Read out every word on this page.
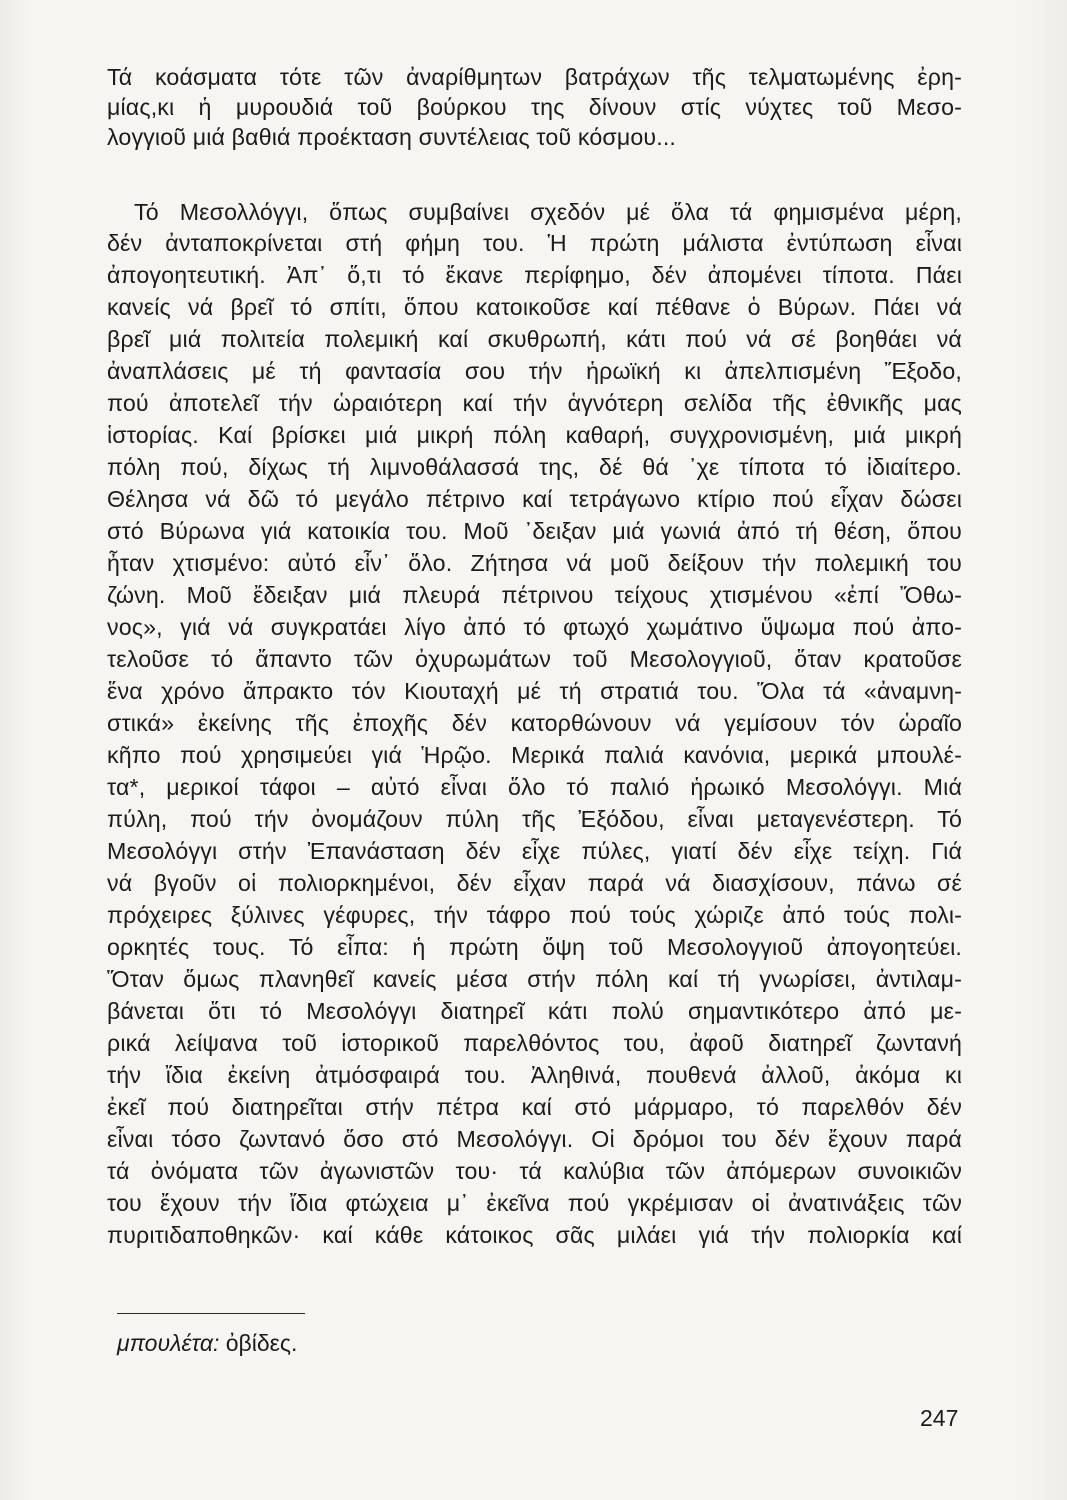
Τά κοάσματα τότε τῶν ἀναρίθμητων βατράχων τῆς τελματωμένης ἐρη-
μίας,κι ἡ μυρουδιά τοῦ βούρκου της δίνουν στίς νύχτες τοῦ Μεσο-
λογγιοῦ μιά βαθιά προέκταση συντέλειας τοῦ κόσμου...
Τό Μεσολλόγγι, ὅπως συμβαίνει σχεδόν μέ ὅλα τά φημισμένα μέρη,
δέν ἀνταποκρίνεται στή φήμη του. Ἡ πρώτη μάλιστα ἐντύπωση εἶναι
ἀπογοητευτική. Ἀπ᾽ ὅ,τι τό ἔκανε περίφημο, δέν ἀπομένει τίποτα. Πάει
κανείς νά βρεῖ τό σπίτι, ὅπου κατοικοῦσε καί πέθανε ὁ Βύρων. Πάει νά
βρεῖ μιά πολιτεία πολεμική καί σκυθρωπή, κάτι πού νά σέ βοηθάει νά
ἀναπλάσεις μέ τή φαντασία σου τήν ἡρωϊκή κι ἀπελπισμένη Ἔξοδο,
πού ἀποτελεῖ τήν ὡραιότερη καί τήν ἁγνότερη σελίδα τῆς ἐθνικῆς μας
ἱστορίας. Καί βρίσκει μιά μικρή πόλη καθαρή, συγχρονισμένη, μιά μικρή
πόλη πού, δίχως τή λιμνοθάλασσά της, δέ θά ᾽χε τίποτα τό ἰδιαίτερο.
Θέλησα νά δῶ τό μεγάλο πέτρινο καί τετράγωνο κτίριο πού εἶχαν δώσει
στό Βύρωνα γιά κατοικία του. Μοῦ ᾽δειξαν μιά γωνιά ἀπό τή θέση, ὅπου
ἦταν χτισμένο: αὐτό εἶν᾽ ὅλο. Ζήτησα νά μοῦ δείξουν τήν πολεμική του
ζώνη. Μοῦ ἔδειξαν μιά πλευρά πέτρινου τείχους χτισμένου «ἐπί Ὄθω-
νος», γιά νά συγκρατάει λίγο ἀπό τό φτωχό χωμάτινο ὕψωμα πού ἀπο-
τελοῦσε τό ἄπαντο τῶν ὀχυρωμάτων τοῦ Μεσολογγιοῦ, ὅταν κρατοῦσε
ἕνα χρόνο ἄπρακτο τόν Κιουταχή μέ τή στρατιά του. Ὅλα τά «ἀναμνη-
στικά» ἐκείνης τῆς ἐποχῆς δέν κατορθώνουν νά γεμίσουν τόν ὡραῖο
κῆπο πού χρησιμεύει γιά Ἡρῷο. Μερικά παλιά κανόνια, μερικά μπουλέ-
τα*, μερικοί τάφοι – αὐτό εἶναι ὅλο τό παλιό ἡρωικό Μεσολόγγι. Μιά
πύλη, πού τήν ὀνομάζουν πύλη τῆς Ἐξόδου, εἶναι μεταγενέστερη. Τό
Μεσολόγγι στήν Ἐπανάσταση δέν εἶχε πύλες, γιατί δέν εἶχε τείχη. Γιά
νά βγοῦν οἱ πολιορκημένοι, δέν εἶχαν παρά νά διασχίσουν, πάνω σέ
πρόχειρες ξύλινες γέφυρες, τήν τάφρο πού τούς χώριζε ἀπό τούς πολι-
ορκητές τους. Τό εἶπα: ἡ πρώτη ὄψη τοῦ Μεσολογγιοῦ ἀπογοητεύει.
Ὅταν ὅμως πλανηθεῖ κανείς μέσα στήν πόλη καί τή γνωρίσει, ἀντιλαμ-
βάνεται ὅτι τό Μεσολόγγι διατηρεῖ κάτι πολύ σημαντικότερο ἀπό με-
ρικά λείψανα τοῦ ἱστορικοῦ παρελθόντος του, ἀφοῦ διατηρεῖ ζωντανή
τήν ἴδια ἐκείνη ἀτμόσφαιρά του. Ἀληθινά, πουθενά ἀλλοῦ, ἀκόμα κι
ἐκεῖ πού διατηρεῖται στήν πέτρα καί στό μάρμαρο, τό παρελθόν δέν
εἶναι τόσο ζωντανό ὅσο στό Μεσολόγγι. Οἱ δρόμοι του δέν ἔχουν παρά
τά ὀνόματα τῶν ἀγωνιστῶν του· τά καλύβια τῶν ἀπόμερων συνοικιῶν
του ἔχουν τήν ἴδια φτώχεια μ᾽ ἐκεῖνα πού γκρέμισαν οἱ ἀνατινάξεις τῶν
πυριτιδαποθηκῶν· καί κάθε κάτοικος σᾶς μιλάει γιά τήν πολιορκία καί
μπουλέτα: ὀβίδες.
247
